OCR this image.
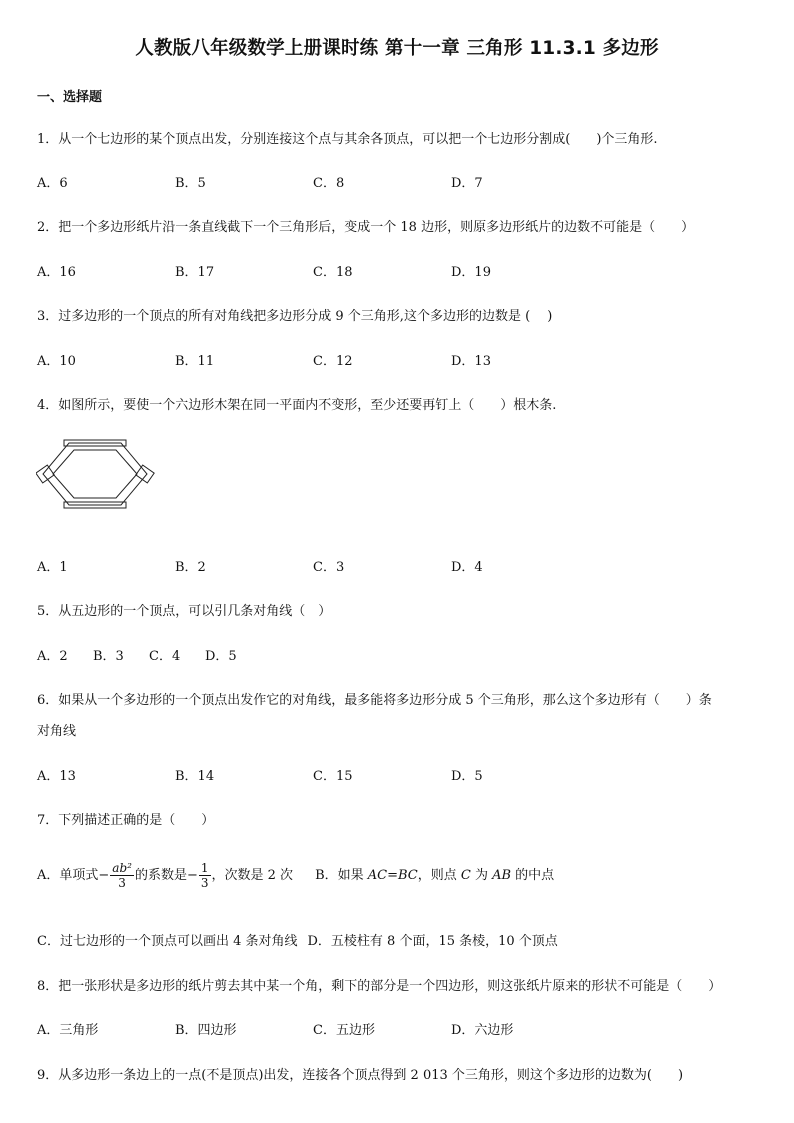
人教版八年级数学上册课时练 第十一章 三角形 11.3.1 多边形
一、选择题
1．从一个七边形的某个顶点出发，分别连接这个点与其余各顶点，可以把一个七边形分割成(　　)个三角形.
A．6	B．5	C．8	D．7
2．把一个多边形纸片沿一条直线截下一个三角形后，变成一个 18 边形，则原多边形纸片的边数不可能是（　　）
A．16	B．17	C．18	D．19
3．过多边形的一个顶点的所有对角线把多边形分成 9 个三角形,这个多边形的边数是 (　 )
A．10	B．11	C．12	D．13
4．如图所示，要使一个六边形木架在同一平面内不变形，至少还要再钉上（　　）根木条.
A．1	B．2	C．3	D．4
5．从五边形的一个顶点，可以引几条对角线（　）
A．2 B．3 C．4 D．5
6．如果从一个多边形的一个顶点出发作它的对角线，最多能将多边形分成 5 个三角形，那么这个多边形有（　　）条
对角线
A．13	B．14	C．15	D．5
7．下列描述正确的是（　　）
A．单项式− $\frac{\text{ab²}}{3}$ 的系数是− $\frac{1}{3}$ ，次数是 2 次 B．如果 AC=BC，则点 C 为 AB 的中点
C．过七边形的一个顶点可以画出 4 条对角线 D．五棱柱有 8 个面，15 条棱，10 个顶点
8．把一张形状是多边形的纸片剪去其中某一个角，剩下的部分是一个四边形，则这张纸片原来的形状不可能是（　　）
A．三角形	B．四边形	C．五边形	D．六边形
9．从多边形一条边上的一点(不是顶点)出发，连接各个顶点得到 2 013 个三角形，则这个多边形的边数为(　　)
